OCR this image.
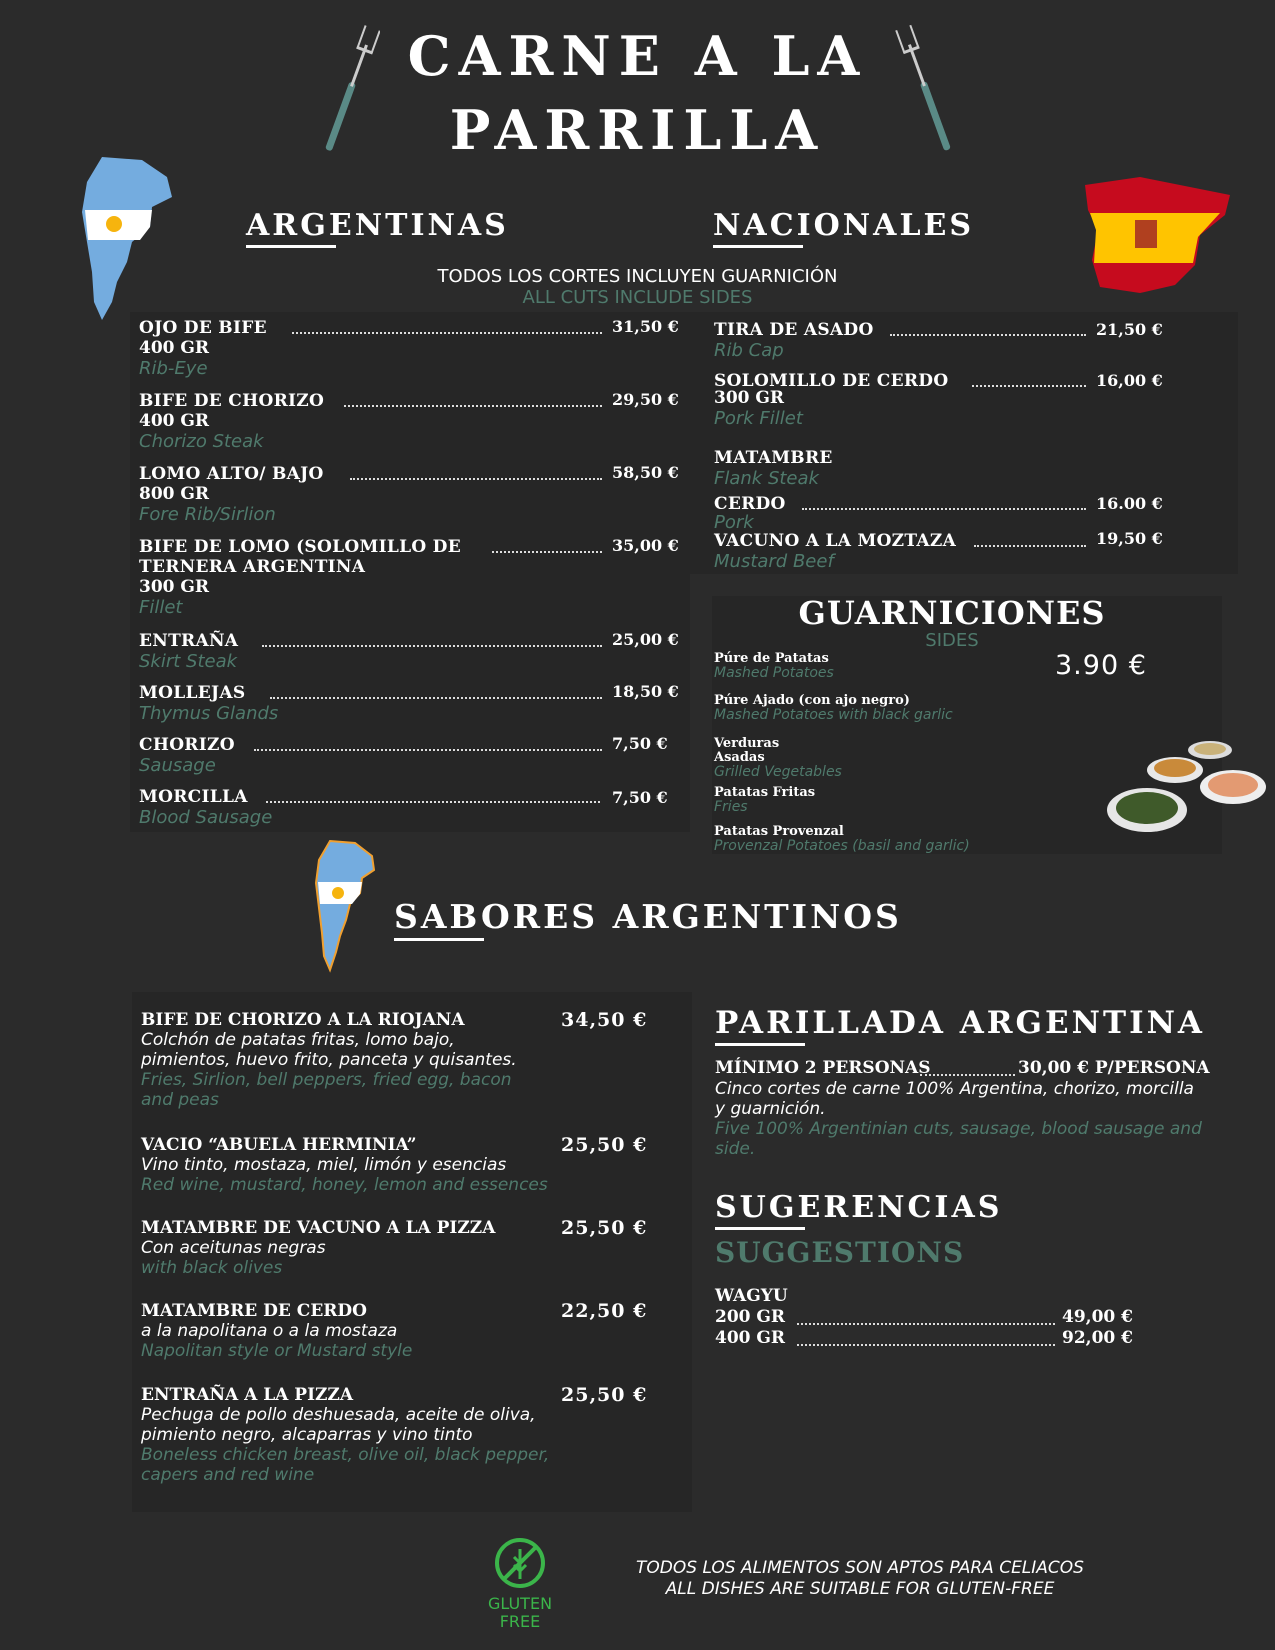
CARNE A LA
PARRILLA
ARGENTINAS	NACIONALES
TODOS LOS CORTES INCLUYEN GUARNICIÓN
ALL CUTS INCLUDE SIDES
OJO DE BIFE
400 GR
Rib-Eye
31,50 €
BIFE DE CHORIZO
400 GR
Chorizo Steak
29,50 €
LOMO ALTO/ BAJO
800 GR
Fore Rib/Sirlion
58,50 €
BIFE DE LOMO (SOLOMILLO DE
TERNERA ARGENTINA
300 GR
Fillet
35,00 €
ENTRAÑA
Skirt Steak
25,00 €
MOLLEJAS
Thymus Glands
18,50 €
CHORIZO
Sausage
7,50 €
MORCILLA
Blood Sausage
7,50 €
TIRA DE ASADO
Rib Cap
21,50 €
SOLOMILLO DE CERDO
300 GR
Pork Fillet
16,00 €
MATAMBRE
Flank Steak
CERDO
Pork
16.00 €
VACUNO A LA MOZTAZA
Mustard Beef
19,50 €
GUARNICIONES
SIDES
3.90 €
Púre de Patatas
Mashed Potatoes
Púre Ajado (con ajo negro)
Mashed Potatoes with black garlic
Verduras
Asadas
Grilled Vegetables
Patatas Fritas
Fries
Patatas Provenzal
Provenzal Potatoes (basil and garlic)
SABORES ARGENTINOS
BIFE DE CHORIZO A LA RIOJANA
Colchón de patatas fritas, lomo bajo,
pimientos, huevo frito, panceta y quisantes.
Fries, Sirlion, bell peppers, fried egg, bacon
and peas
34,50 €
VACIO “ABUELA HERMINIA”
Vino tinto, mostaza, miel, limón y esencias
Red wine, mustard, honey, lemon and essences
25,50 €
MATAMBRE DE VACUNO A LA PIZZA
Con aceitunas negras
with black olives
25,50 €
MATAMBRE DE CERDO
a la napolitana o a la mostaza
Napolitan style or Mustard style
22,50 €
ENTRAÑA A LA PIZZA
Pechuga de pollo deshuesada, aceite de oliva,
pimiento negro, alcaparras y vino tinto
Boneless chicken breast, olive oil, black pepper,
capers and red wine
25,50 €
PARILLADA ARGENTINA
MÍNIMO 2 PERSONAS	30,00 € P/PERSONA
Cinco cortes de carne 100% Argentina, chorizo, morcilla
y guarnición.
Five 100% Argentinian cuts, sausage, blood sausage and
side.
SUGERENCIAS
SUGGESTIONS
WAGYU
200 GR	49,00 €
400 GR	92,00 €
GLUTEN
FREE
TODOS LOS ALIMENTOS SON APTOS PARA CELIACOS
ALL DISHES ARE SUITABLE FOR GLUTEN-FREE
